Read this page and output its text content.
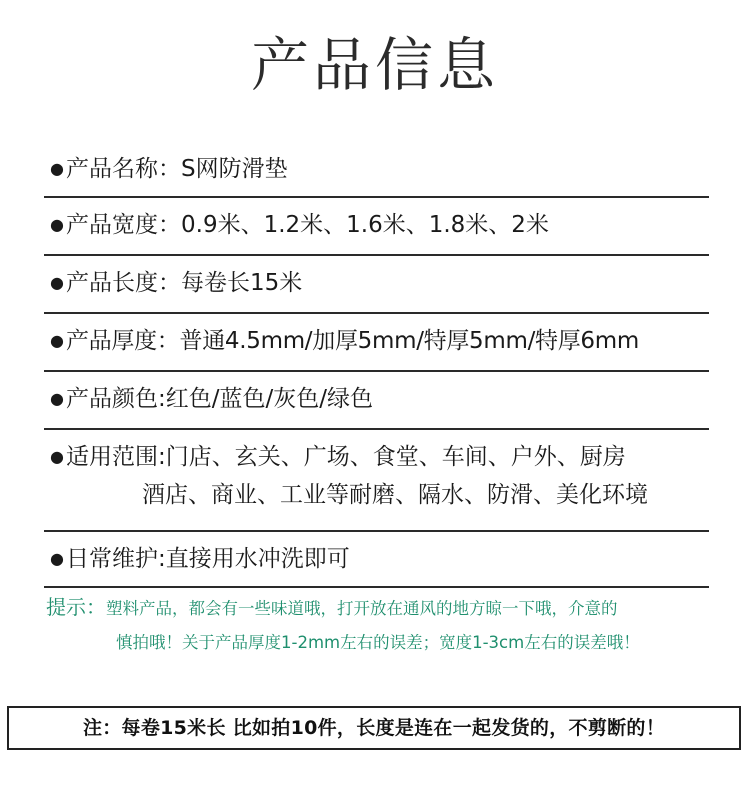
产品信息
●产品名称：S网防滑垫
●产品宽度：0.9米、1.2米、1.6米、1.8米、2米
●产品长度：每卷长15米
● 产品厚度：普通4.5mm/加厚5mm/特厚5mm/特厚6mm
●产品颜色:红色/蓝色/灰色/绿色
●适用范围:门店、玄关、广场、食堂、车间、户外、厨房
酒店、商业、工业等耐磨、隔水、防滑、美化环境
●日常维护:直接用水冲洗即可
提示：塑料产品，都会有一些味道哦，打开放在通风的地方晾一下哦，介意的
慎拍哦！关于产品厚度1-2mm左右的误差；宽度1-3cm左右的误差哦！
注：每卷15米长 比如拍10件，长度是连在一起发货的，不剪断的！
